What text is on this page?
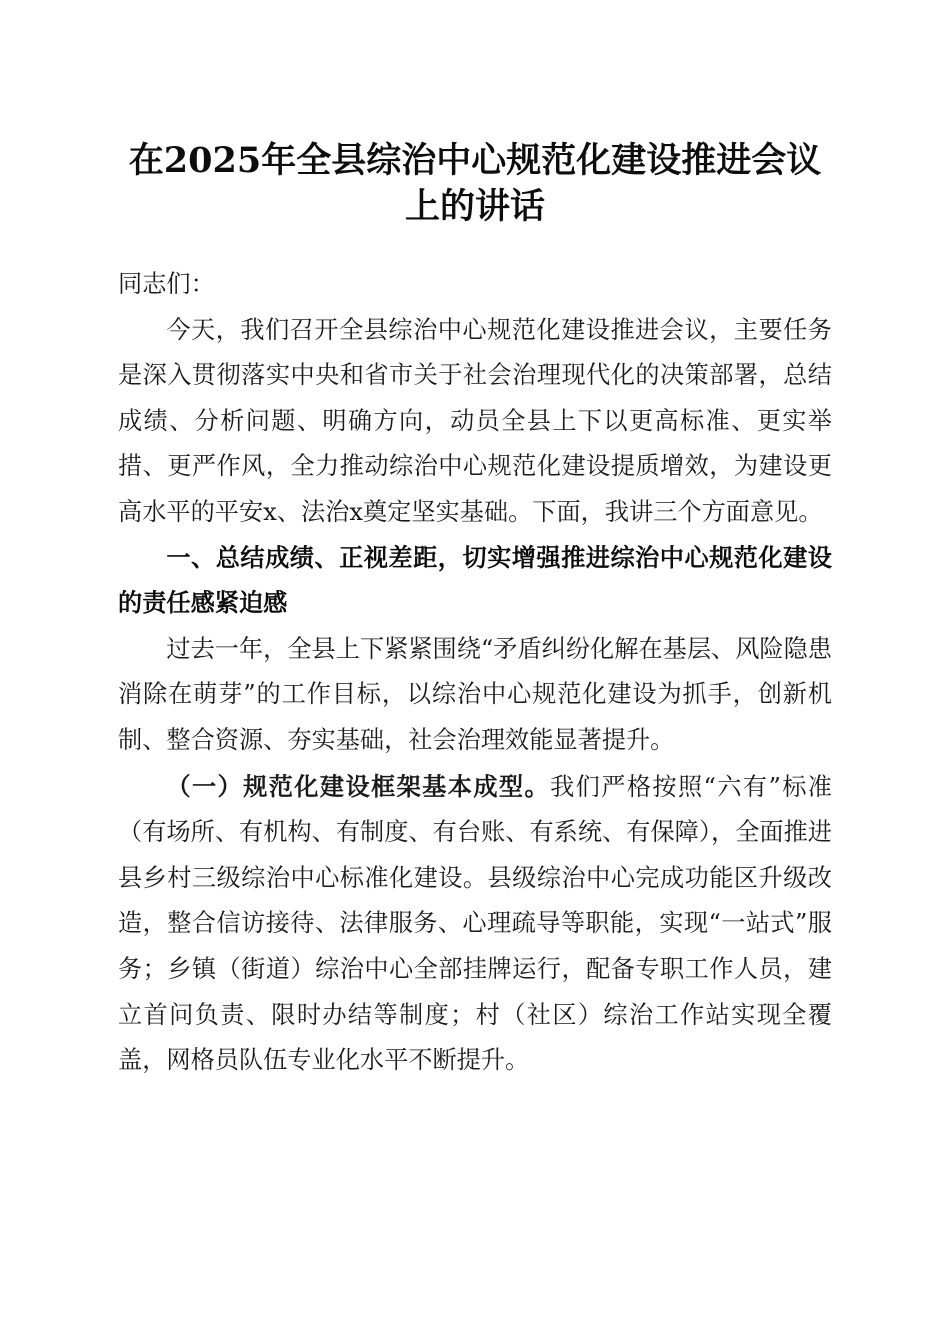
在2025年全县综治中心规范化建设推进会议
上的讲话

同志们：

今天，我们召开全县综治中心规范化建设推进会议，主要任务是深入贯彻落实中央和省市关于社会治理现代化的决策部署，总结成绩、分析问题、明确方向，动员全县上下以更高标准、更实举措、更严作风，全力推动综治中心规范化建设提质增效，为建设更高水平的平安x、法治x奠定坚实基础。下面，我讲三个方面意见。

一、总结成绩、正视差距，切实增强推进综治中心规范化建设的责任感紧迫感

过去一年，全县上下紧紧围绕“矛盾纠纷化解在基层、风险隐患消除在萌芽”的工作目标，以综治中心规范化建设为抓手，创新机制、整合资源、夯实基础，社会治理效能显著提升。

（一）规范化建设框架基本成型。我们严格按照“六有”标准（有场所、有机构、有制度、有台账、有系统、有保障），全面推进县乡村三级综治中心标准化建设。县级综治中心完成功能区升级改造，整合信访接待、法律服务、心理疏导等职能，实现“一站式”服务；乡镇（街道）综治中心全部挂牌运行，配备专职工作人员，建立首问负责、限时办结等制度；村（社区）综治工作站实现全覆盖，网格员队伍专业化水平不断提升。
